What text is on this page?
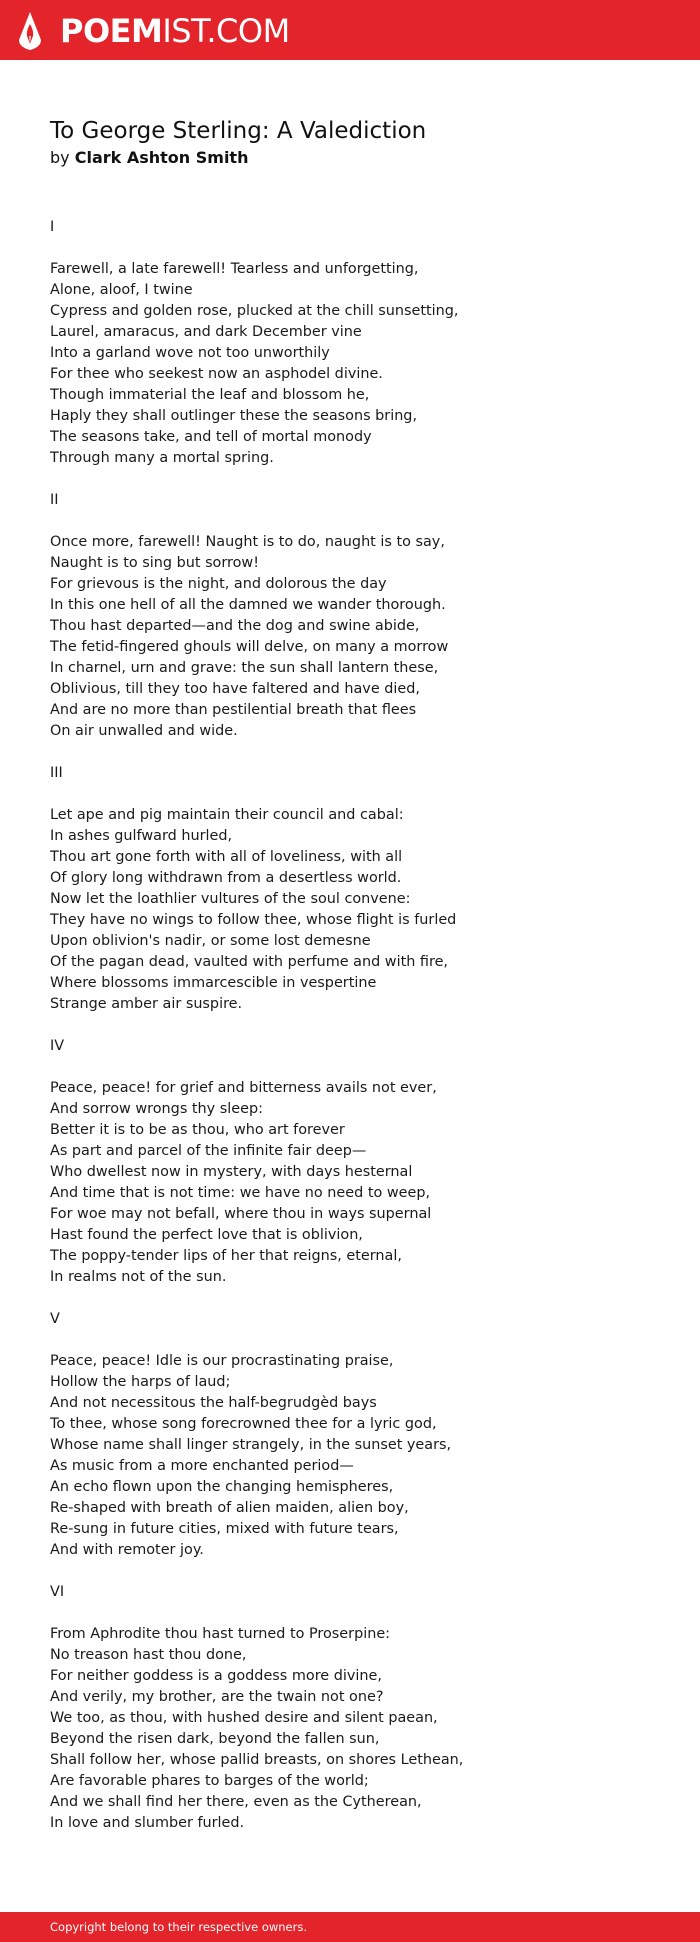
POEMIST.COM
To George Sterling: A Valediction
by Clark Ashton Smith
I
Farewell, a late farewell! Tearless and unforgetting,
Alone, aloof, I twine
Cypress and golden rose, plucked at the chill sunsetting,
Laurel, amaracus, and dark December vine
Into a garland wove not too unworthily
For thee who seekest now an asphodel divine.
Though immaterial the leaf and blossom he,
Haply they shall outlinger these the seasons bring,
The seasons take, and tell of mortal monody
Through many a mortal spring.
II
Once more, farewell! Naught is to do, naught is to say,
Naught is to sing but sorrow!
For grievous is the night, and dolorous the day
In this one hell of all the damned we wander thorough.
Thou hast departed—and the dog and swine abide,
The fetid-fingered ghouls will delve, on many a morrow
In charnel, urn and grave: the sun shall lantern these,
Oblivious, till they too have faltered and have died,
And are no more than pestilential breath that flees
On air unwalled and wide.
III
Let ape and pig maintain their council and cabal:
In ashes gulfward hurled,
Thou art gone forth with all of loveliness, with all
Of glory long withdrawn from a desertless world.
Now let the loathlier vultures of the soul convene:
They have no wings to follow thee, whose flight is furled
Upon oblivion's nadir, or some lost demesne
Of the pagan dead, vaulted with perfume and with fire,
Where blossoms immarcescible in vespertine
Strange amber air suspire.
IV
Peace, peace! for grief and bitterness avails not ever,
And sorrow wrongs thy sleep:
Better it is to be as thou, who art forever
As part and parcel of the infinite fair deep—
Who dwellest now in mystery, with days hesternal
And time that is not time: we have no need to weep,
For woe may not befall, where thou in ways supernal
Hast found the perfect love that is oblivion,
The poppy-tender lips of her that reigns, eternal,
In realms not of the sun.
V
Peace, peace! Idle is our procrastinating praise,
Hollow the harps of laud;
And not necessitous the half-begrudgèd bays
To thee, whose song forecrowned thee for a lyric god,
Whose name shall linger strangely, in the sunset years,
As music from a more enchanted period—
An echo flown upon the changing hemispheres,
Re-shaped with breath of alien maiden, alien boy,
Re-sung in future cities, mixed with future tears,
And with remoter joy.
VI
From Aphrodite thou hast turned to Proserpine:
No treason hast thou done,
For neither goddess is a goddess more divine,
And verily, my brother, are the twain not one?
We too, as thou, with hushed desire and silent paean,
Beyond the risen dark, beyond the fallen sun,
Shall follow her, whose pallid breasts, on shores Lethean,
Are favorable phares to barges of the world;
And we shall find her there, even as the Cytherean,
In love and slumber furled.
Copyright belong to their respective owners.
